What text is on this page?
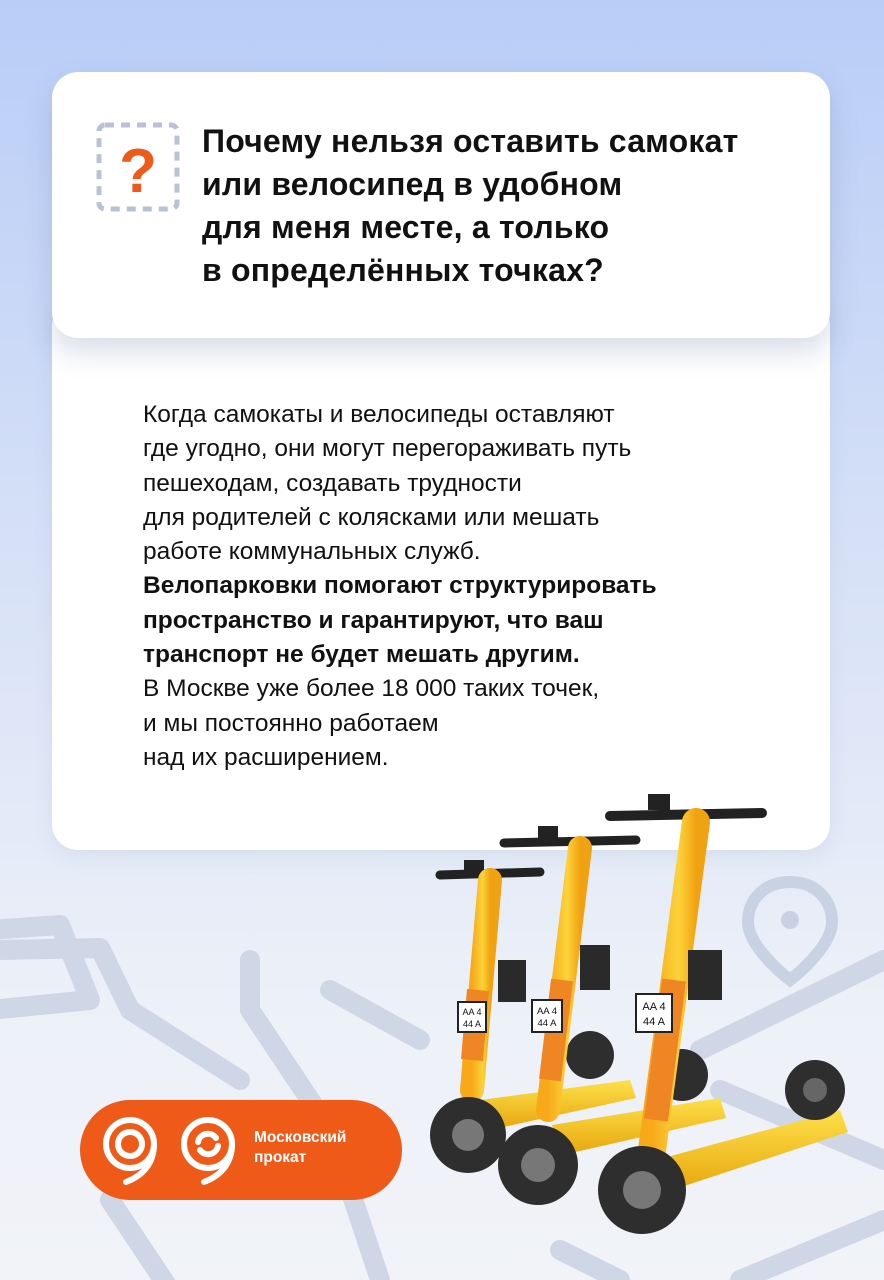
Когда самокаты и велосипеды оставляют
где угодно, они могут перегораживать путь
пешеходам, создавать трудности
для родителей с колясками или мешать
работе коммунальных служб.
Велопарковки помогают структурировать
пространство и гарантируют, что ваш
транспорт не будет мешать другим.
В Москве уже более 18 000 таких точек,
и мы постоянно работаем
над их расширением.
? Почему нельзя оставить самокат
или велосипед в удобном
для меня месте, а только
в определённых точках?
AA 4
44 A
AA 4
44 A
AA 4
44 A
Московский
прокат
